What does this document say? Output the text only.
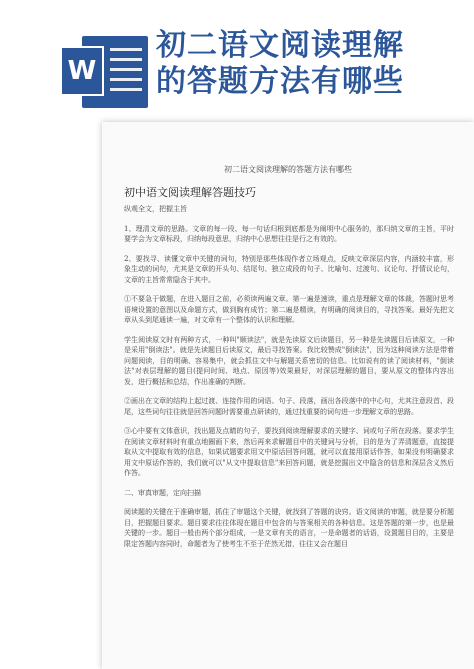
W
初二语文阅读理解
的答题方法有哪些
初二语文阅读理解的答题方法有哪些
初中语文阅读理解答题技巧

纵观全文，把握主旨

1、理清文章的思路。文章的每一段、每一句话归根到底都是为阐明中心服务的，那归纳文章的主旨，平时要学会为文章标段，归纳每段意思，归纳中心思想往往是行之有效的。

2、要找寻、读懂文章中关键的词句，特别是那些体现作者立场观点，反映文章深层内容，内涵较丰富，形象生动的词句，尤其是文章的开头句、结尾句、独立成段的句子、比喻句、过渡句、议论句、抒情议论句，文章的主旨常常隐含于其中。

①不要急于做题，在进入题目之前，必须读两遍文章。第一遍是速读，重点是理解文章的体裁，答题时思考语境设置的意图以及命题方式，做到胸有成竹；第二遍是精读，有明确的阅读目的，寻找答案。最好先把文章从头到尾通读一遍，对文章有一个整体的认识和理解。

学生阅读原文时有两种方式，一种叫"顺读法"，就是先读原文后读题目，另一种是先读题目后读原文，一种是采用"倒读法"。就是先读题目后读原文，最后寻找答案。我比较赞成"倒读法"，因为这种阅读方法是带着问题阅读，目的明确、容易集中，就会抓住文中与解题关系密切的信息。比如说有的读了阅读材料，"倒读法"对表层理解的题目(提问时间、地点、原因等)效果最好，对深层理解的题目，要从原文的整体内容出发，进行概括和总结，作出准确的判断。

②画出在文章的结构上起过渡、连接作用的词语、句子、段落，画出各段落中的中心句，尤其注意段首、段尾，这些词句往往就是回答问题时需要重点研读的，通过找重要的词句进一步理解文章的思路。

③心中要有文体意识，找出题及点睛的句子，要找到阅读理解要求的关键字、词或句子所在段落。要求学生在阅读文章材料时有重点地圈画下来，然后再来求解题目中的关键词与分析，目的是为了弄清题意，直接提取从文中提取有效的信息，如果试题要求用文中原话回答问题，就可以直接用原话作答，如果没有明确要求用文中原话作答的，我们就可以"从文中提取信息"来回答问题，就是挖掘出文中隐含的信息和深层含义然后作答。

二、审真审题，定向扫描

阅读题的关键在于准确审题，抓住了审题这个关键，就找到了答题的诀窍。语文阅读的审题，就是要分析题目，把握题目要求。题目要求往往体现在题目中包含的与答案相关的各种信息。这是答题的第一步，也是最关键的一步。题目一般由两个部分组成，一是文章有关的语言，一是命题者的话语，设置题目目的，主要是限定答题内容同时，命题者为了使考生不至于茫然无措，往往又会在题目
